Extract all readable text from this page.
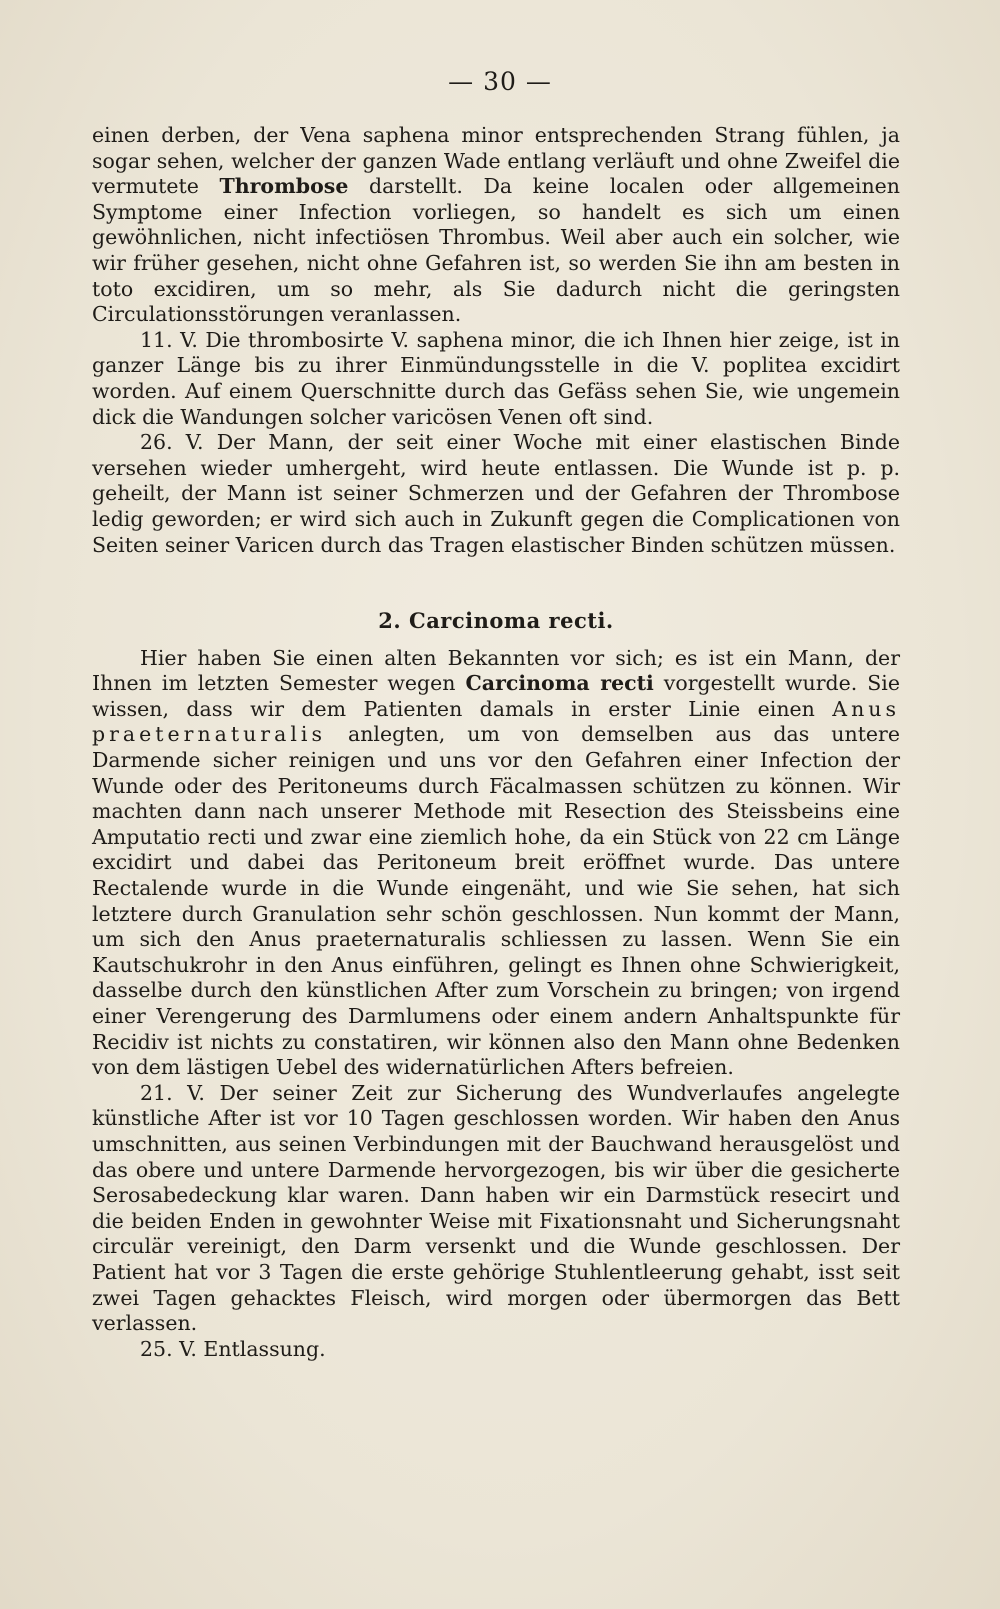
— 30 —

einen derben, der Vena saphena minor entsprechenden Strang fühlen, ja sogar sehen, welcher der ganzen Wade entlang verläuft und ohne Zweifel die vermutete Thrombose darstellt. Da keine localen oder allgemeinen Symptome einer Infection vorliegen, so handelt es sich um einen gewöhnlichen, nicht infectiösen Thrombus. Weil aber auch ein solcher, wie wir früher gesehen, nicht ohne Gefahren ist, so werden Sie ihn am besten in toto excidiren, um so mehr, als Sie dadurch nicht die geringsten Circulationsstörungen veranlassen.

11. V. Die thrombosirte V. saphena minor, die ich Ihnen hier zeige, ist in ganzer Länge bis zu ihrer Einmündungsstelle in die V. poplitea excidirt worden. Auf einem Querschnitte durch das Gefäss sehen Sie, wie ungemein dick die Wandungen solcher varicösen Venen oft sind.

26. V. Der Mann, der seit einer Woche mit einer elastischen Binde versehen wieder umhergeht, wird heute entlassen. Die Wunde ist p. p. geheilt, der Mann ist seiner Schmerzen und der Gefahren der Thrombose ledig geworden; er wird sich auch in Zukunft gegen die Complicationen von Seiten seiner Varicen durch das Tragen elastischer Binden schützen müssen.

2. Carcinoma recti.

Hier haben Sie einen alten Bekannten vor sich; es ist ein Mann, der Ihnen im letzten Semester wegen Carcinoma recti vorgestellt wurde. Sie wissen, dass wir dem Patienten damals in erster Linie einen Anus praeternaturalis anlegten, um von demselben aus das untere Darmende sicher reinigen und uns vor den Gefahren einer Infection der Wunde oder des Peritoneums durch Fäcalmassen schützen zu können. Wir machten dann nach unserer Methode mit Resection des Steissbeins eine Amputatio recti und zwar eine ziemlich hohe, da ein Stück von 22 cm Länge excidirt und dabei das Peritoneum breit eröffnet wurde. Das untere Rectalende wurde in die Wunde eingenäht, und wie Sie sehen, hat sich letztere durch Granulation sehr schön geschlossen. Nun kommt der Mann, um sich den Anus praeternaturalis schliessen zu lassen. Wenn Sie ein Kautschukrohr in den Anus einführen, gelingt es Ihnen ohne Schwierigkeit, dasselbe durch den künstlichen After zum Vorschein zu bringen; von irgend einer Verengerung des Darmlumens oder einem andern Anhaltspunkte für Recidiv ist nichts zu constatiren, wir können also den Mann ohne Bedenken von dem lästigen Uebel des widernatürlichen Afters befreien.

21. V. Der seiner Zeit zur Sicherung des Wundverlaufes angelegte künstliche After ist vor 10 Tagen geschlossen worden. Wir haben den Anus umschnitten, aus seinen Verbindungen mit der Bauchwand herausgelöst und das obere und untere Darmende hervorgezogen, bis wir über die gesicherte Serosabedeckung klar waren. Dann haben wir ein Darmstück resecirt und die beiden Enden in gewohnter Weise mit Fixationsnaht und Sicherungsnaht circulär vereinigt, den Darm versenkt und die Wunde geschlossen. Der Patient hat vor 3 Tagen die erste gehörige Stuhlentleerung gehabt, isst seit zwei Tagen gehacktes Fleisch, wird morgen oder übermorgen das Bett verlassen.

25. V. Entlassung.
